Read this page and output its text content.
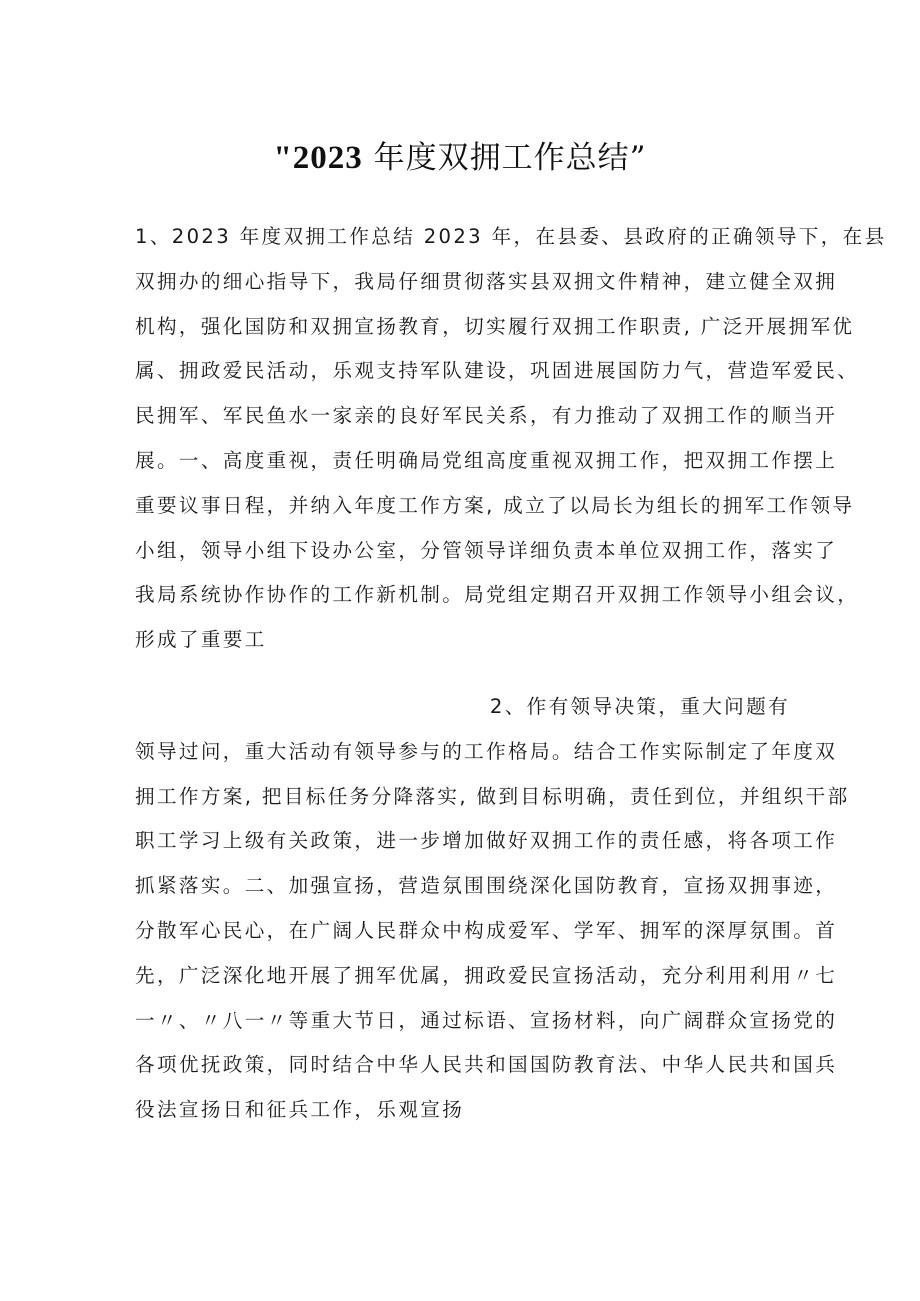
"2023 年度双拥工作总结”
1、2023 年度双拥工作总结 2023 年，在县委、县政府的正确领导下，在县
双拥办的细心指导下，我局仔细贯彻落实县双拥文件精神，建立健全双拥
机构，强化国防和双拥宣扬教育，切实履行双拥工作职责, 广泛开展拥军优
属、拥政爱民活动，乐观支持军队建设，巩固进展国防力气，营造军爱民、
民拥军、军民鱼水一家亲的良好军民关系，有力推动了双拥工作的顺当开
展。一、高度重视，责任明确局党组高度重视双拥工作，把双拥工作摆上
重要议事日程，并纳入年度工作方案, 成立了以局长为组长的拥军工作领导
小组，领导小组下设办公室，分管领导详细负责本单位双拥工作，落实了
我局系统协作协作的工作新机制。局党组定期召开双拥工作领导小组会议，
形成了重要工
2、作有领导决策，重大问题有
领导过问，重大活动有领导参与的工作格局。结合工作实际制定了年度双
拥工作方案, 把目标任务分降落实, 做到目标明确，责任到位，并组织干部
职工学习上级有关政策，进一步增加做好双拥工作的责任感，将各项工作
抓紧落实。二、加强宣扬，营造氛围围绕深化国防教育，宣扬双拥事迹，
分散军心民心，在广阔人民群众中构成爱军、学军、拥军的深厚氛围。首
先，广泛深化地开展了拥军优属，拥政爱民宣扬活动，充分利用利用〃七
一〃、〃八一〃等重大节日，通过标语、宣扬材料，向广阔群众宣扬党的
各项优抚政策，同时结合中华人民共和国国防教育法、中华人民共和国兵
役法宣扬日和征兵工作，乐观宣扬
